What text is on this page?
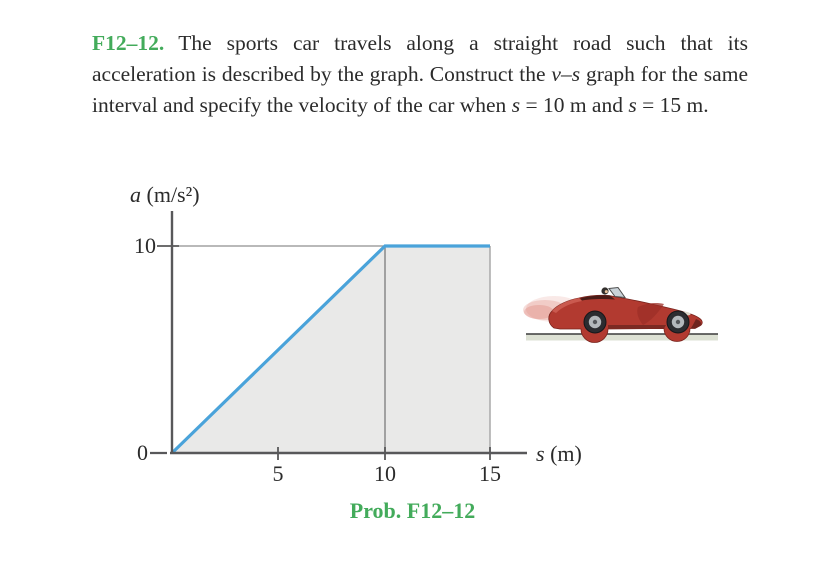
F12–12. The sports car travels along a straight road such that its acceleration is described by the graph. Construct the v–s graph for the same interval and specify the velocity of the car when s = 10 m and s = 15 m.

a (m/s²)
10
0
5	10	15
s (m)
Prob. F12–12
